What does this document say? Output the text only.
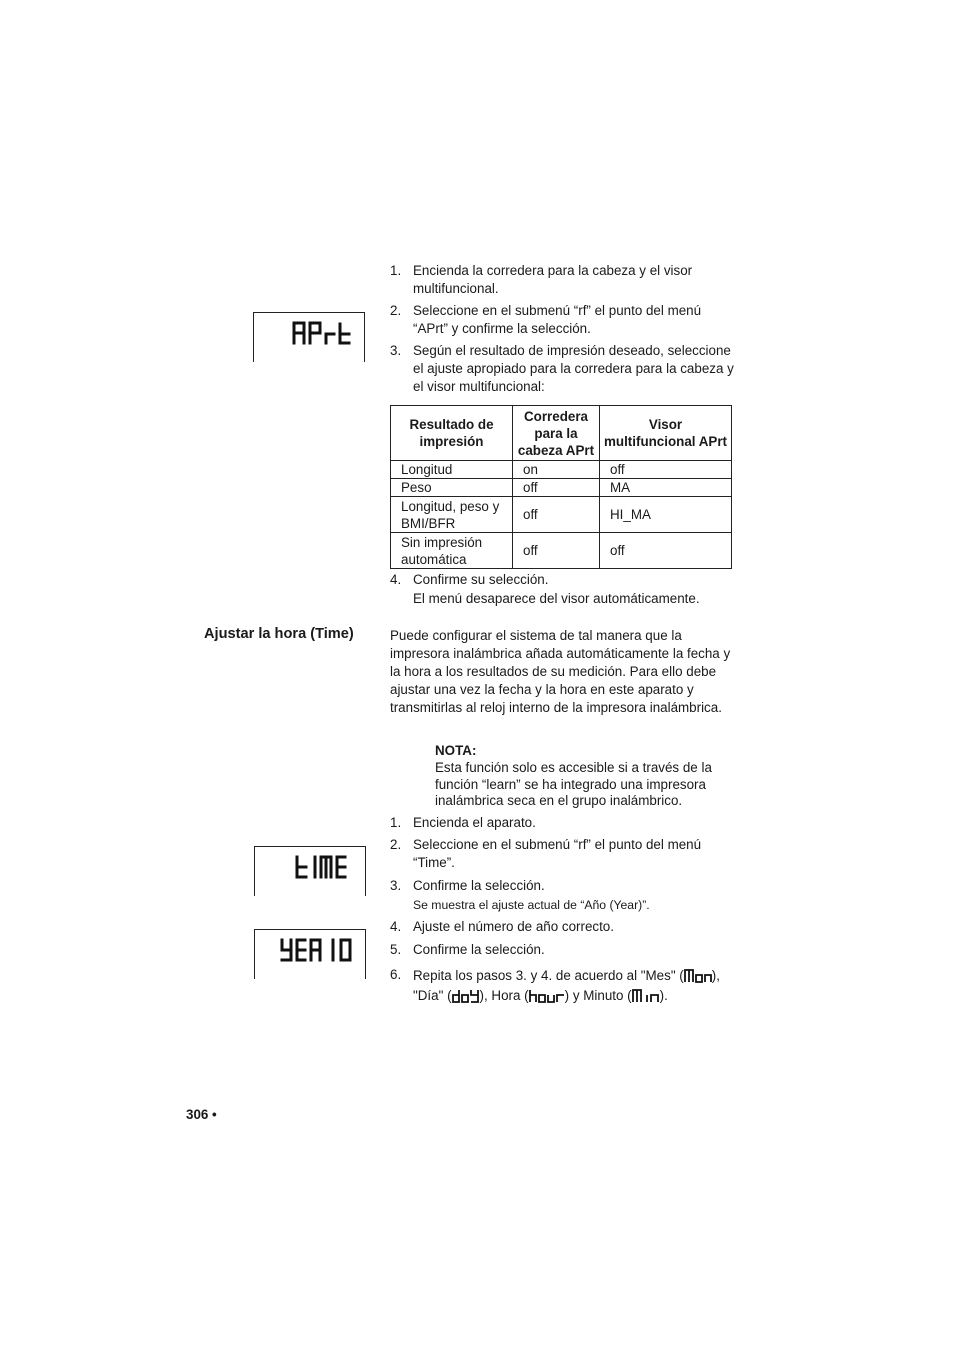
1. Encienda la corredera para la cabeza y el visor multifuncional.
2. Seleccione en el submenú “rf” el punto del menú “APrt” y confirme la selección.
3. Según el resultado de impresión deseado, seleccione el ajuste apropiado para la corredera para la cabeza y el visor multifuncional:
Resultado de impresión	Corredera para la cabeza APrt	Visor multifuncional APrt
Longitud	on	off
Peso	off	MA
Longitud, peso y BMI/BFR	off	HI_MA
Sin impresión automática	off	off
4. Confirme su selección.
El menú desaparece del visor automáticamente.
Ajustar la hora (Time)	Puede configurar el sistema de tal manera que la impresora inalámbrica añada automáticamente la fecha y la hora a los resultados de su medición. Para ello debe ajustar una vez la fecha y la hora en este aparato y transmitirlas al reloj interno de la impresora inalámbrica.
NOTA:
Esta función solo es accesible si a través de la función “learn” se ha integrado una impresora inalámbrica seca en el grupo inalámbrico.
1. Encienda el aparato.
2. Seleccione en el submenú “rf” el punto del menú “Time”.
3. Confirme la selección.
Se muestra el ajuste actual de “Año (Year)”.
4. Ajuste el número de año correcto.
5. Confirme la selección.
6. Repita los pasos 3. y 4. de acuerdo al "Mes" ( ), "Día" ( ), Hora (	) y Minuto ( ).
306 •
